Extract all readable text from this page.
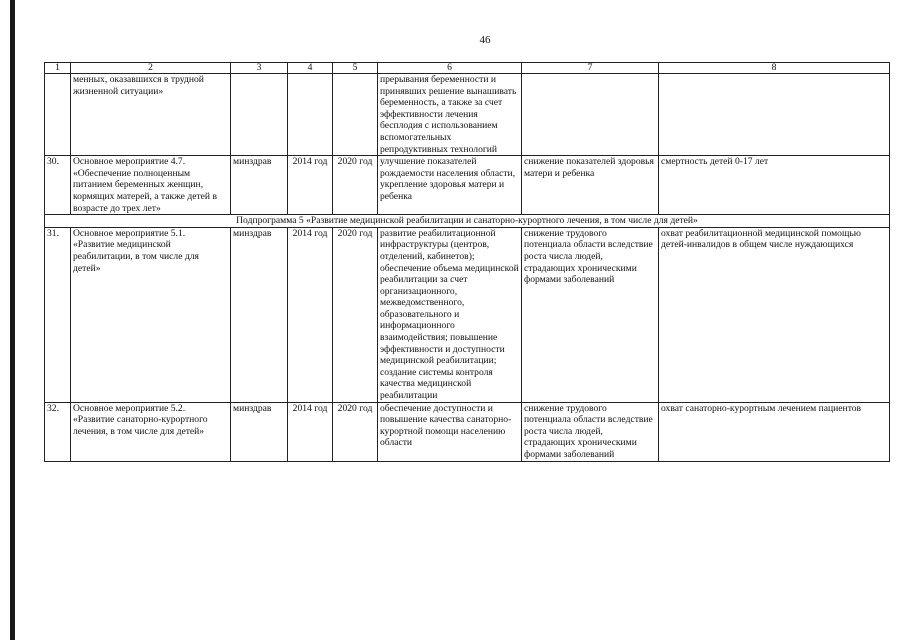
46
1	2	3	4	5	6	7	8
	менных, оказавшихся в трудной жизненной ситуации»				прерывания беременности и принявших решение вынашивать беременность, а также за счет эффективности лечения бесплодия с использованием вспомогательных репродуктивных технологий		
30.	Основное мероприятие 4.7. «Обеспечение полноценным питанием беременных женщин, кормящих матерей, а также детей в возрасте до трех лет»	минздрав	2014 год	2020 год	улучшение показателей рождаемости населения области, укрепление здоровья матери и ребенка	снижение показателей здоровья матери и ребенка	смертность детей 0-17 лет
Подпрограмма 5 «Развитие медицинской реабилитации и санаторно-курортного лечения, в том числе для детей»							
31.	Основное мероприятие 5.1. «Развитие медицинской реабилитации, в том числе для детей»	минздрав	2014 год	2020 год	развитие реабилитационной инфраструктуры (центров, отделений, кабинетов); обеспечение объема медицинской реабилитации за счет организационного, межведомственного, образовательного и информационного взаимодействия; повышение эффективности и доступности медицинской реабилитации; создание системы контроля качества медицинской реабилитации	снижение трудового потенциала области вследствие роста числа людей, страдающих хроническими формами заболеваний	охват реабилитационной медицинской помощью детей-инвалидов в общем числе нуждающихся
32.	Основное мероприятие 5.2. «Развитие санаторно-курортного лечения, в том числе для детей»	минздрав	2014 год	2020 год	обеспечение доступности и повышение качества санаторно-курортной помощи населению области	снижение трудового потенциала области вследствие роста числа людей, страдающих хроническими формами заболеваний	охват санаторно-курортным лечением пациентов
